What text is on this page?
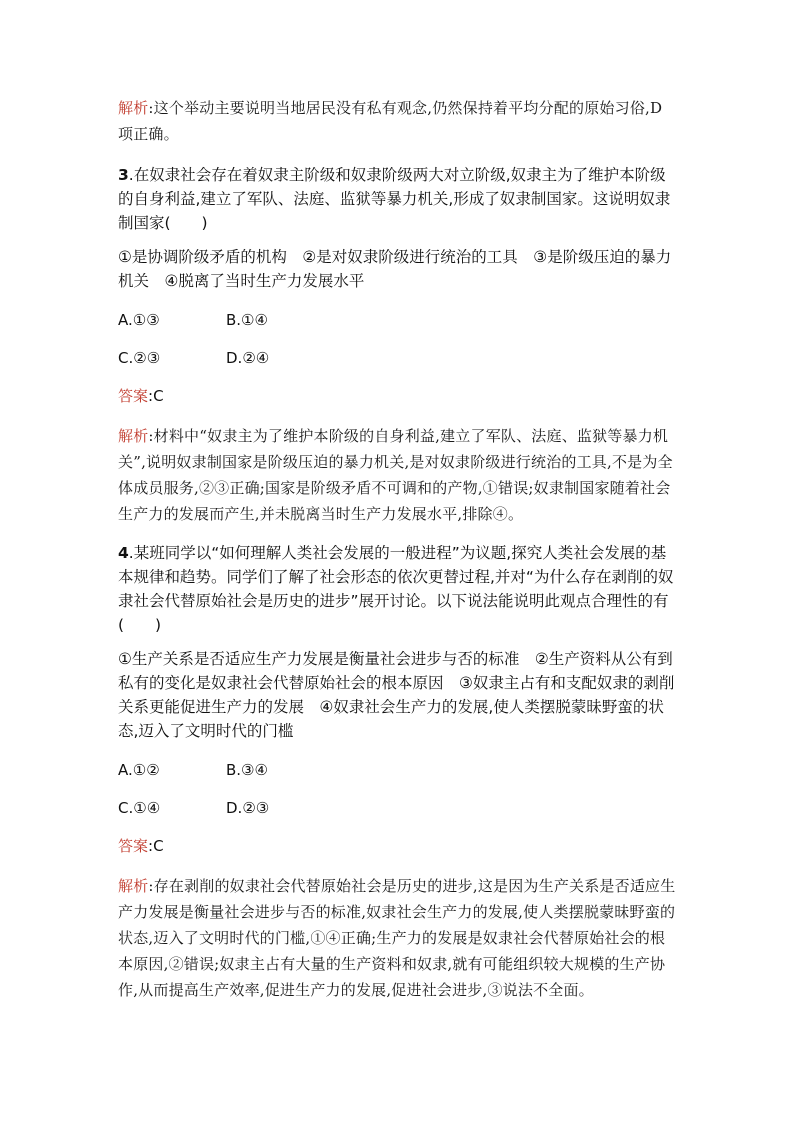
解析:这个举动主要说明当地居民没有私有观念,仍然保持着平均分配的原始习俗,D 项正确。

3.在奴隶社会存在着奴隶主阶级和奴隶阶级两大对立阶级,奴隶主为了维护本阶级的自身利益,建立了军队、法庭、监狱等暴力机关,形成了奴隶制国家。这说明奴隶制国家(　　)

①是协调阶级矛盾的机构　②是对奴隶阶级进行统治的工具　③是阶级压迫的暴力机关　④脱离了当时生产力发展水平

A.①③	B.①④
C.②③	D.②④

答案:C

解析:材料中“奴隶主为了维护本阶级的自身利益,建立了军队、法庭、监狱等暴力机关”,说明奴隶制国家是阶级压迫的暴力机关,是对奴隶阶级进行统治的工具,不是为全体成员服务,②③正确;国家是阶级矛盾不可调和的产物,①错误;奴隶制国家随着社会生产力的发展而产生,并未脱离当时生产力发展水平,排除④。

4.某班同学以“如何理解人类社会发展的一般进程”为议题,探究人类社会发展的基本规律和趋势。同学们了解了社会形态的依次更替过程,并对“为什么存在剥削的奴隶社会代替原始社会是历史的进步”展开讨论。以下说法能说明此观点合理性的有(　　)

①生产关系是否适应生产力发展是衡量社会进步与否的标准　②生产资料从公有到私有的变化是奴隶社会代替原始社会的根本原因　③奴隶主占有和支配奴隶的剥削关系更能促进生产力的发展　④奴隶社会生产力的发展,使人类摆脱蒙昧野蛮的状态,迈入了文明时代的门槛

A.①②	B.③④
C.①④	D.②③

答案:C

解析:存在剥削的奴隶社会代替原始社会是历史的进步,这是因为生产关系是否适应生产力发展是衡量社会进步与否的标准,奴隶社会生产力的发展,使人类摆脱蒙昧野蛮的状态,迈入了文明时代的门槛,①④正确;生产力的发展是奴隶社会代替原始社会的根本原因,②错误;奴隶主占有大量的生产资料和奴隶,就有可能组织较大规模的生产协作,从而提高生产效率,促进生产力的发展,促进社会进步,③说法不全面。
